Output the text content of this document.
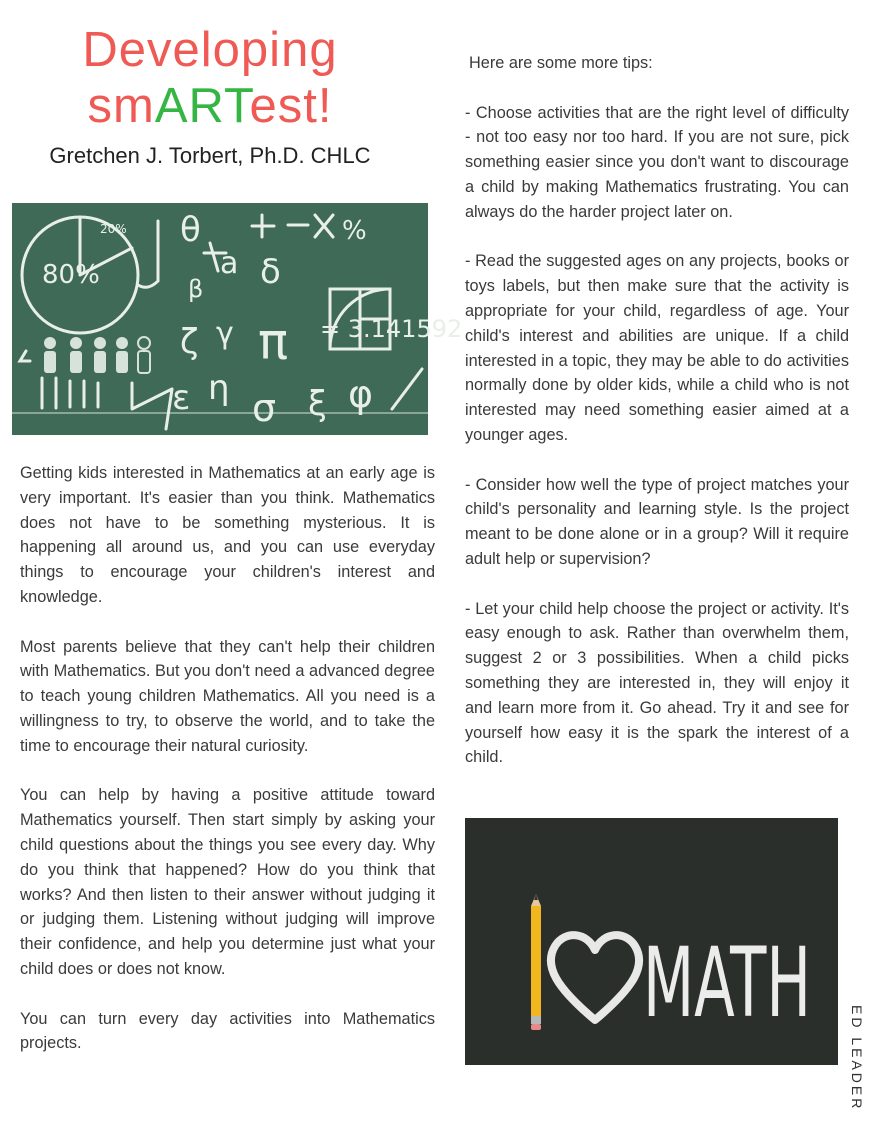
Developing
smARTest!
Gretchen J. Torbert, Ph.D. CHLC
80%
20%
= 3.141592
θ
a δ
β
ζ γ π
ε η σ ξ φ
%

Getting kids interested in Mathematics at an early age is very important. It's easier than you think. Mathematics does not have to be something mysterious. It is happening all around us, and you can use everyday things to encourage your children's interest and knowledge.

Most parents believe that they can't help their children with Mathematics. But you don't need a advanced degree to teach young children Mathematics. All you need is a willingness to try, to observe the world, and to take the time to encourage their natural curiosity.

You can help by having a positive attitude toward Mathematics yourself. Then start simply by asking your child questions about the things you see every day. Why do you think that happened? How do you think that works? And then listen to their answer without judging it or judging them. Listening without judging will improve their confidence, and help you determine just what your child does or does not know.

You can turn every day activities into Mathematics projects.

Here are some more tips:

- Choose activities that are the right level of difficulty - not too easy nor too hard. If you are not sure, pick something easier since you don't want to discourage a child by making Mathematics frustrating. You can always do the harder project later on.

- Read the suggested ages on any projects, books or toys labels, but then make sure that the activity is appropriate for your child, regardless of age. Your child's interest and abilities are unique. If a child interested in a topic, they may be able to do activities normally done by older kids, while a child who is not interested may need something easier aimed at a younger ages.

- Consider how well the type of project matches your child's personality and learning style. Is the project meant to be done alone or in a group? Will it require adult help or supervision?

- Let your child help choose the project or activity. It's easy enough to ask. Rather than overwhelm them, suggest 2 or 3 possibilities. When a child picks something they are interested in, they will enjoy it and learn more from it. Go ahead. Try it and see for yourself how easy it is the spark the interest of a child.

MATH
ED LEADER
